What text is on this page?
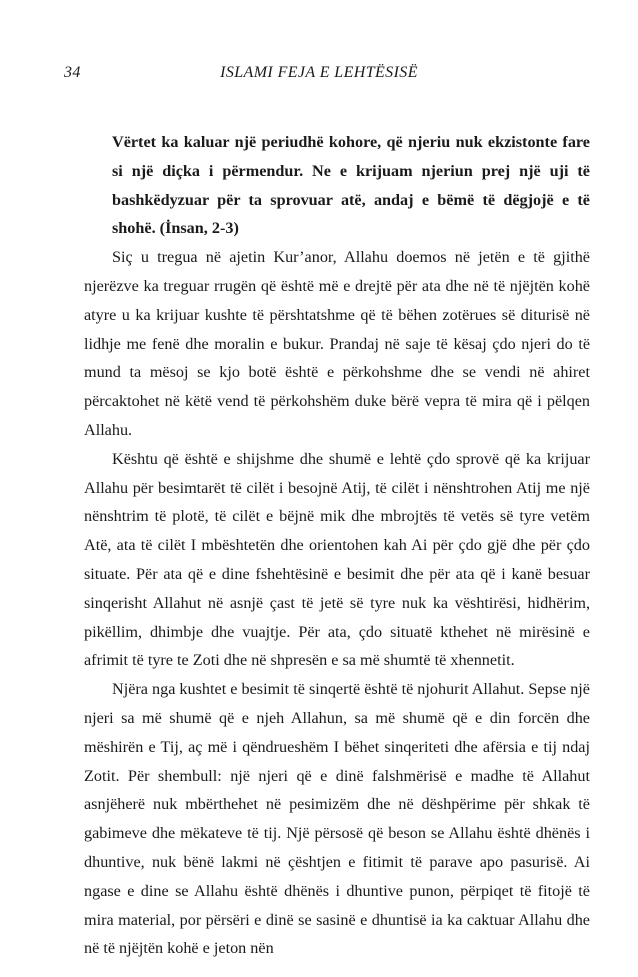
34	ISLAMI FEJA E LEHTËSISË

Vërtet ka kaluar një periudhë kohore, që njeriu nuk ekzistonte fare si një diçka i përmendur. Ne e krijuam njeriun prej një uji të bashkëdyzuar për ta sprovuar atë, andaj e bëmë të dëgjojë e të shohë. (İnsan, 2-3)

Siç u tregua në ajetin Kur’anor, Allahu doemos në jetën e të gjithë njerëzve ka treguar rrugën që është më e drejtë për ata dhe në të njëjtën kohë atyre u ka krijuar kushte të përshtatshme që të bëhen zotërues së diturisë në lidhje me fenë dhe moralin e bukur. Prandaj në saje të kësaj çdo njeri do të mund ta mësoj se kjo botë është e përkohshme dhe se vendi në ahiret përcaktohet në këtë vend të përkohshëm duke bërë vepra të mira që i pëlqen Allahu.

Kështu që është e shijshme dhe shumë e lehtë çdo sprovë që ka krijuar Allahu për besimtarët të cilët i besojnë Atij, të cilët i nënshtrohen Atij me një nënshtrim të plotë, të cilët e bëjnë mik dhe mbrojtës të vetës së tyre vetëm Atë, ata të cilët I mbështetën dhe orientohen kah Ai për çdo gjë dhe për çdo situate. Për ata që e dine fshehtësinë e besimit dhe për ata që i kanë besuar sinqerisht Allahut në asnjë çast të jetë së tyre nuk ka vështirësi, hidhërim, pikëllim, dhimbje dhe vuajtje. Për ata, çdo situatë kthehet në mirësinë e afrimit të tyre te Zoti dhe në shpresën e sa më shumtë të xhennetit.

Njëra nga kushtet e besimit të sinqertë është të njohurit Allahut. Sepse një njeri sa më shumë që e njeh Allahun, sa më shumë që e din forcën dhe mëshirën e Tij, aç më i qëndrueshëm I bëhet sinqeriteti dhe afërsia e tij ndaj Zotit. Për shembull: një njeri që e dinë falshmërisë e madhe të Allahut asnjëherë nuk mbërthehet në pesimizëm dhe në dëshpërime për shkak të gabimeve dhe mëkateve të tij. Një përsosë që beson se Allahu është dhënës i dhuntive, nuk bënë lakmi në çështjen e fitimit të parave apo pasurisë. Ai ngase e dine se Allahu është dhënës i dhuntive punon, përpiqet të fitojë të mira material, por përsëri e dinë se sasinë e dhuntisë ia ka caktuar Allahu dhe në të njëjtën kohë e jeton nën
